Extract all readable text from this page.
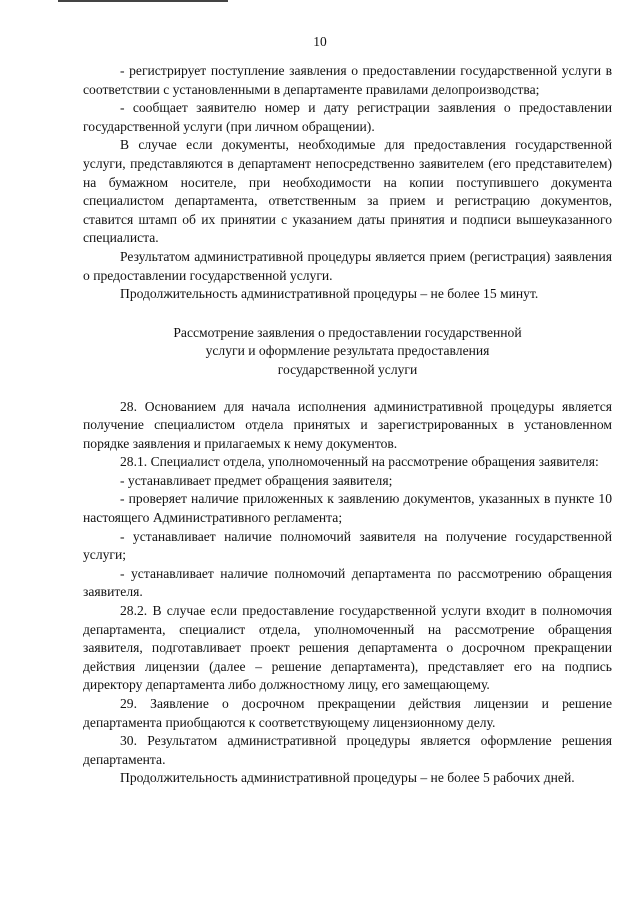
10

- регистрирует поступление заявления о предоставлении государственной услуги в соответствии с установленными в департаменте правилами делопроизводства;

- сообщает заявителю номер и дату регистрации заявления о предоставлении государственной услуги (при личном обращении).

В случае если документы, необходимые для предоставления государственной услуги, представляются в департамент непосредственно заявителем (его представителем) на бумажном носителе, при необходимости на копии поступившего документа специалистом департамента, ответственным за прием и регистрацию документов, ставится штамп об их принятии с указанием даты принятия и подписи вышеуказанного специалиста.

Результатом административной процедуры является прием (регистрация) заявления о предоставлении государственной услуги.

Продолжительность административной процедуры – не более 15 минут.

Рассмотрение заявления о предоставлении государственной
услуги и оформление результата предоставления
государственной услуги

28. Основанием для начала исполнения административной процедуры является получение специалистом отдела принятых и зарегистрированных в установленном порядке заявления и прилагаемых к нему документов.

28.1. Специалист отдела, уполномоченный на рассмотрение обращения заявителя:

- устанавливает предмет обращения заявителя;

- проверяет наличие приложенных к заявлению документов, указанных в пункте 10 настоящего Административного регламента;

- устанавливает наличие полномочий заявителя на получение государственной услуги;

- устанавливает наличие полномочий департамента по рассмотрению обращения заявителя.

28.2. В случае если предоставление государственной услуги входит в полномочия департамента, специалист отдела, уполномоченный на рассмотрение обращения заявителя, подготавливает проект решения департамента о досрочном прекращении действия лицензии (далее – решение департамента), представляет его на подпись директору департамента либо должностному лицу, его замещающему.

29. Заявление о досрочном прекращении действия лицензии и решение департамента приобщаются к соответствующему лицензионному делу.

30. Результатом административной процедуры является оформление решения департамента.

Продолжительность административной процедуры – не более 5 рабочих дней.
